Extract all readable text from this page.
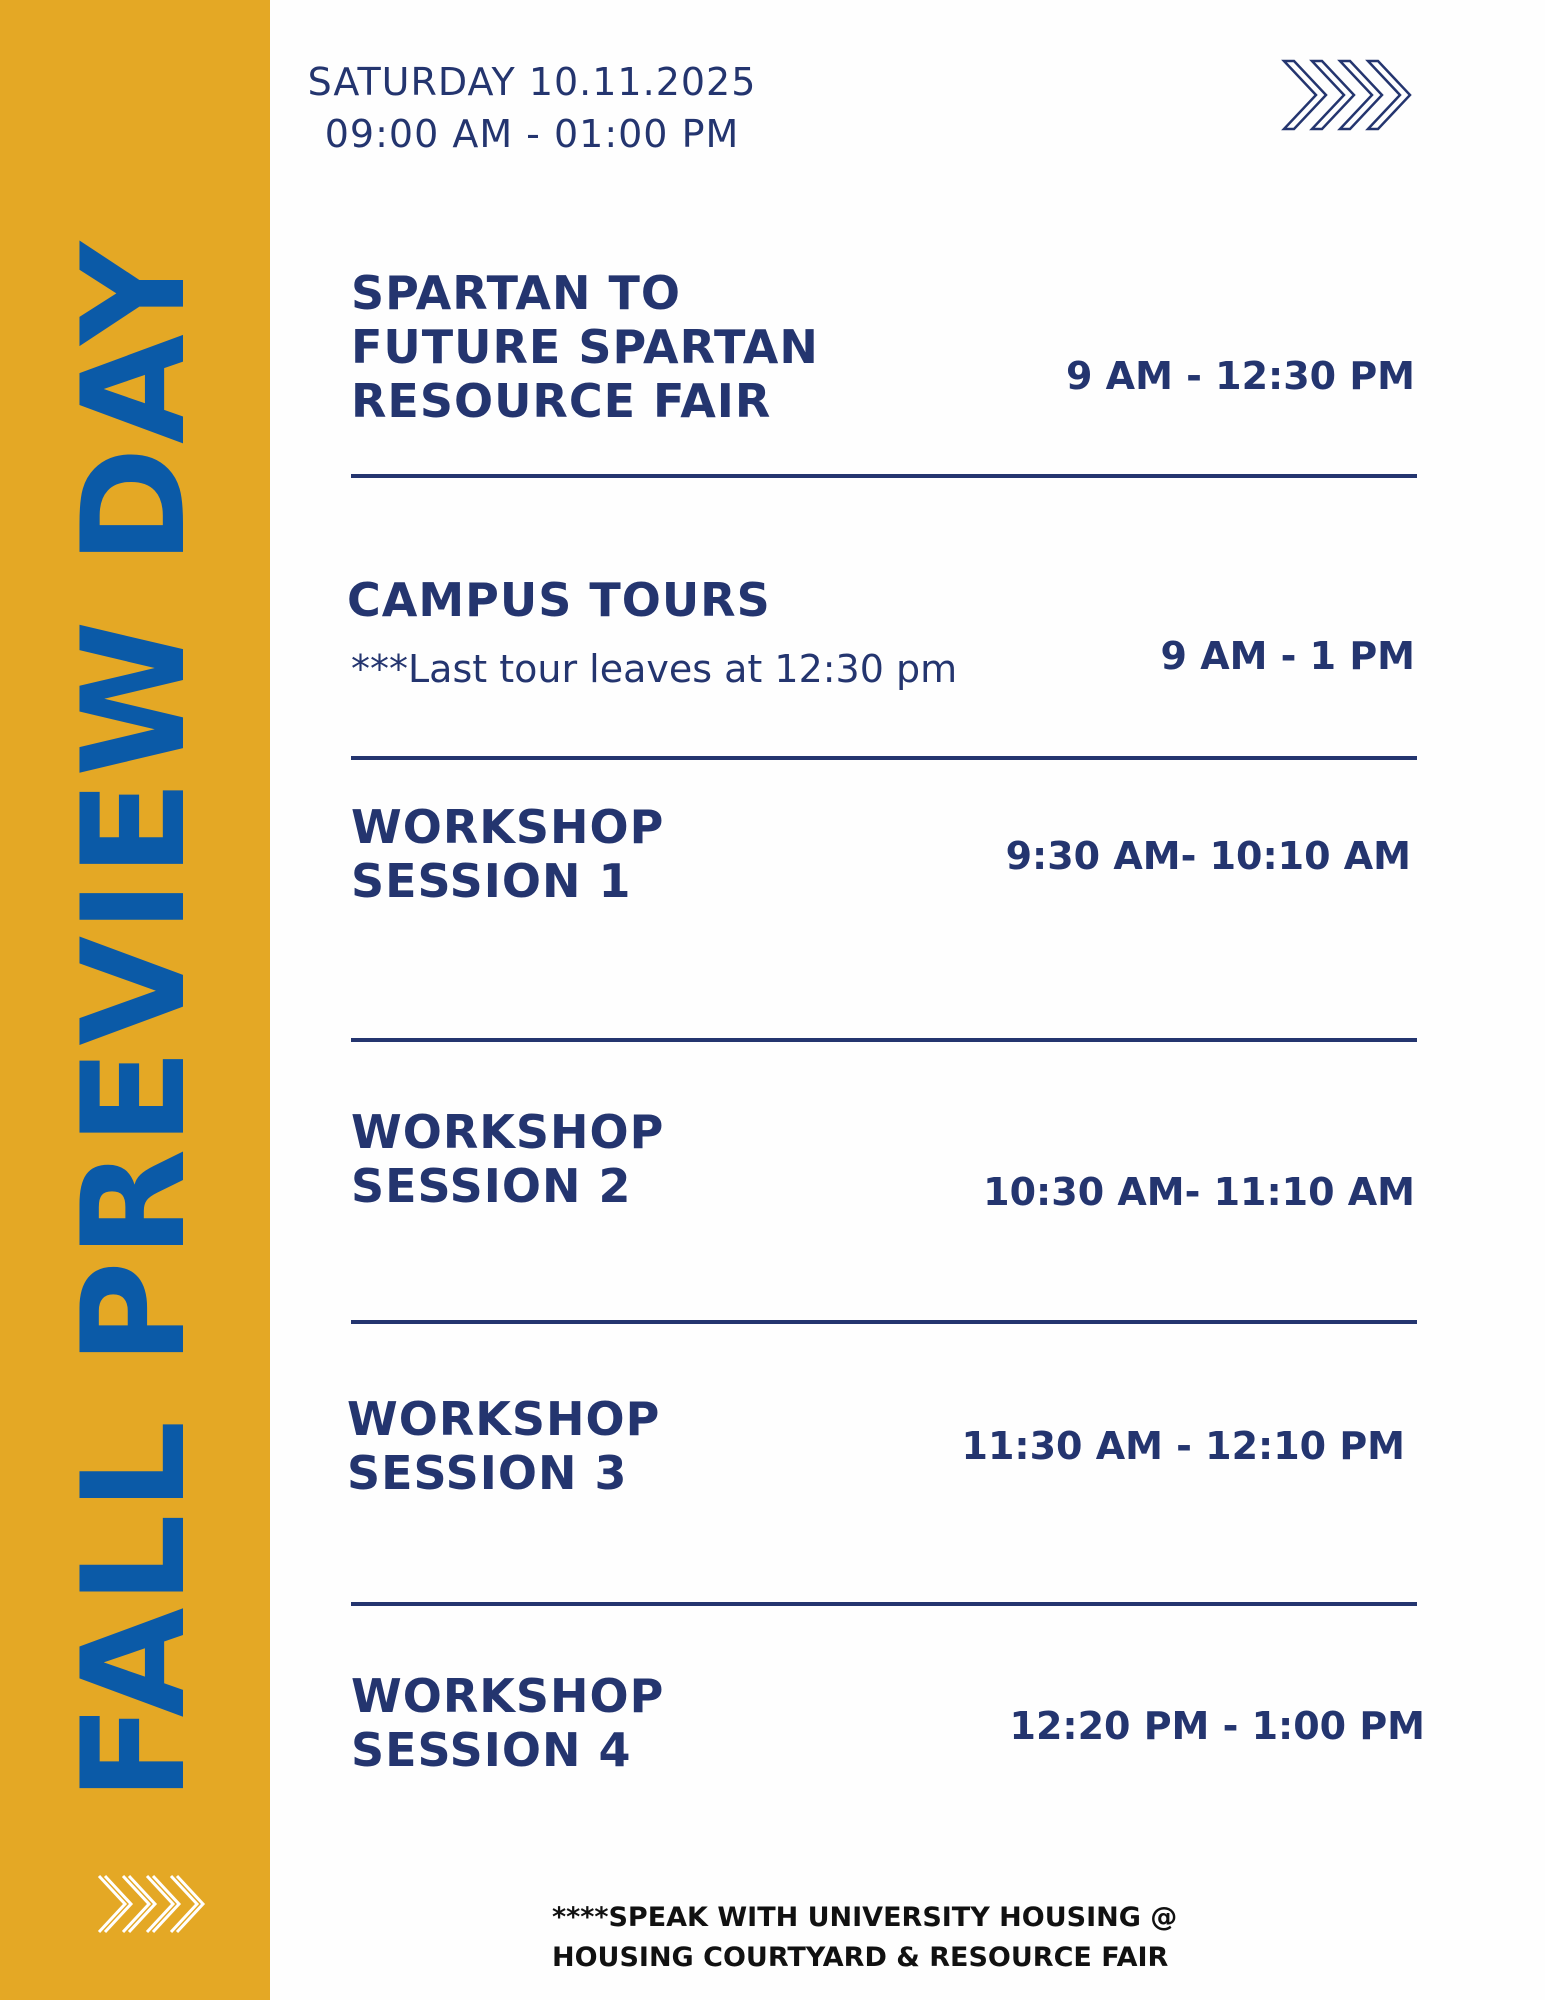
FALL PREVIEW DAY
SATURDAY 10.11.2025
09:00 AM - 01:00 PM
SPARTAN TO
FUTURE SPARTAN
RESOURCE FAIR	9 AM - 12:30 PM
CAMPUS TOURS
***Last tour leaves at 12:30 pm	9 AM - 1 PM
WORKSHOP
SESSION 1	9:30 AM- 10:10 AM
WORKSHOP
SESSION 2	10:30 AM- 11:10 AM
WORKSHOP
SESSION 3	11:30 AM - 12:10 PM
WORKSHOP
SESSION 4	12:20 PM - 1:00 PM
****SPEAK WITH UNIVERSITY HOUSING @
HOUSING COURTYARD & RESOURCE FAIR
